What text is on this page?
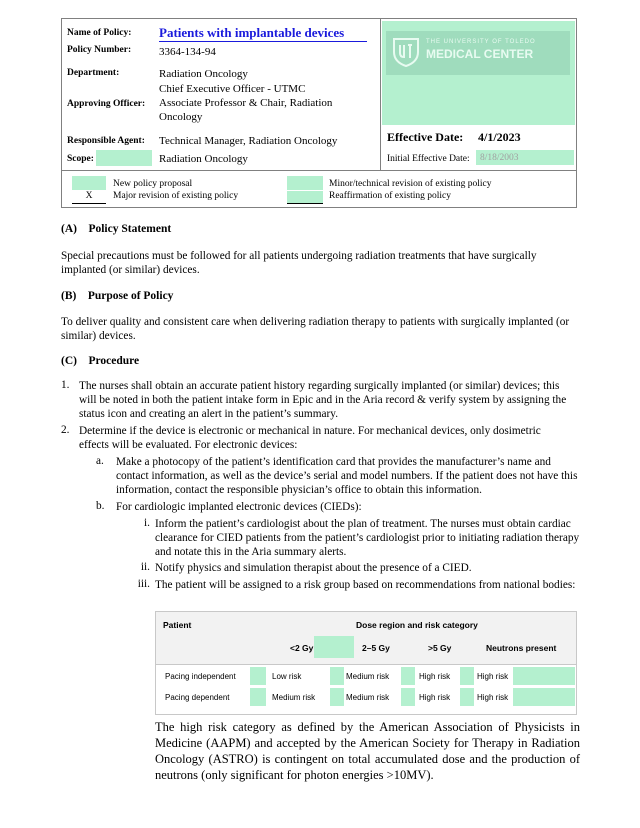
Name of Policy: Patients with implantable devices
Policy Number:	3364-134-94
Department:	Radiation Oncology
Approving Officer:
Chief Executive Officer - UTMC
Associate Professor & Chair, Radiation
Oncology
Responsible Agent: Technical Manager, Radiation Oncology
Scope:	Radiation Oncology
THE UNIVERSITY OF TOLEDO
MEDICAL CENTER
Effective Date: 4/1/2023
Initial Effective Date: 8/18/2003
New policy proposal
X	Major revision of existing policy
Minor/technical revision of existing policy
Reaffirmation of existing policy
(A) Policy Statement
Special precautions must be followed for all patients undergoing radiation treatments that have surgically implanted (or similar) devices.
(B) Purpose of Policy
To deliver quality and consistent care when delivering radiation therapy to patients with surgically implanted (or similar) devices.
(C) Procedure
1. The nurses shall obtain an accurate patient history regarding surgically implanted (or similar) devices; this will be noted in both the patient intake form in Epic and in the Aria record & verify system by assigning the status icon and creating an alert in the patient’s summary.
2. Determine if the device is electronic or mechanical in nature. For mechanical devices, only dosimetric effects will be evaluated. For electronic devices:
a. Make a photocopy of the patient’s identification card that provides the manufacturer’s name and contact information, as well as the device’s serial and model numbers. If the patient does not have this information, contact the responsible physician’s office to obtain this information.
b. For cardiologic implanted electronic devices (CIEDs):
i. Inform the patient’s cardiologist about the plan of treatment. The nurses must obtain cardiac clearance for CIED patients from the patient’s cardiologist prior to initiating radiation therapy and notate this in the Aria summary alerts.
ii. Notify physics and simulation therapist about the presence of a CIED.
iii. The patient will be assigned to a risk group based on recommendations from national bodies:
Patient	Dose region and risk category
<2 Gy	2–5 Gy	>5 Gy	Neutrons present
Pacing independent	Low risk	Medium risk	High risk	High risk
Pacing dependent	Medium risk	Medium risk	High risk	High risk
The high risk category as defined by the American Association of Physicists in Medicine (AAPM) and accepted by the American Society for Therapy in Radiation Oncology (ASTRO) is contingent on total accumulated dose and the production of neutrons (only significant for photon energies >10MV).
